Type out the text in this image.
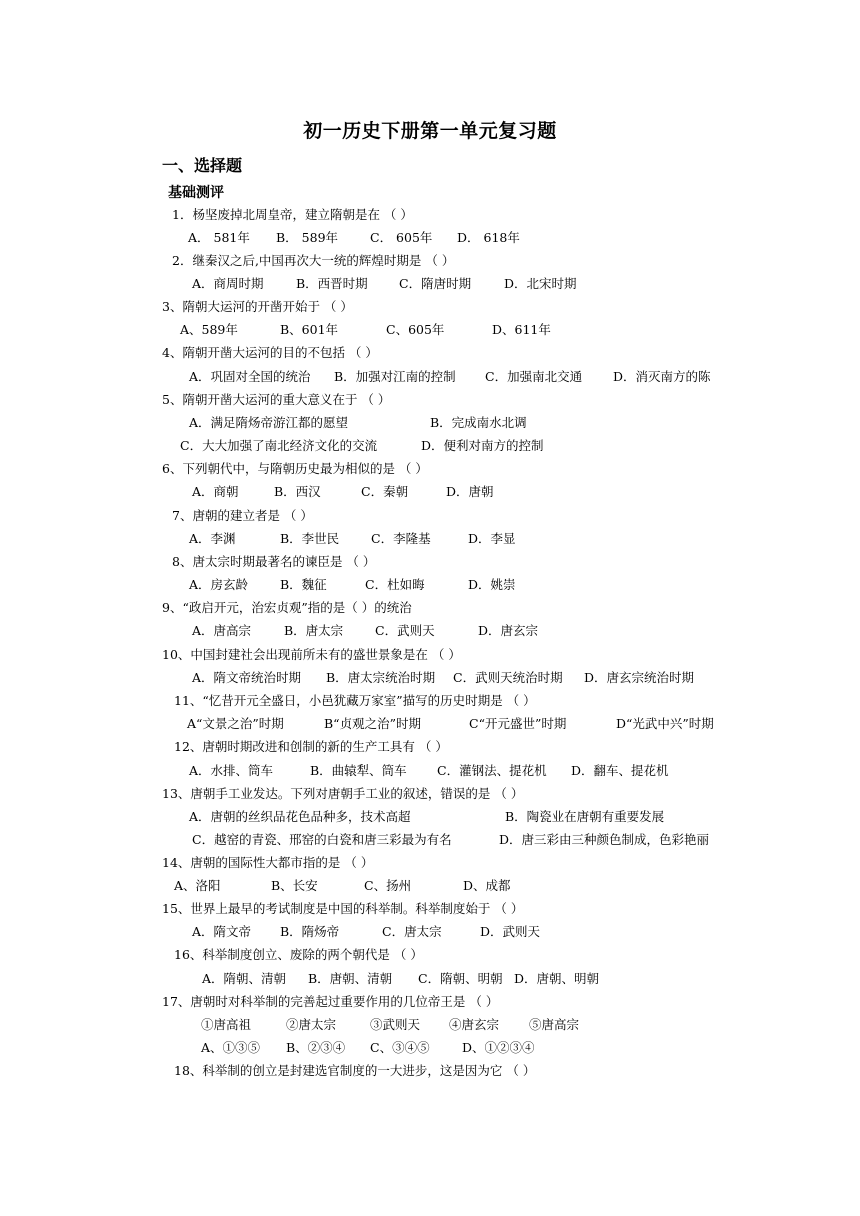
初一历史下册第一单元复习题
一、选择题
基础测评
1．杨坚废掉北周皇帝，建立隋朝是在 （ ）
A． 581年 B． 589年	C． 605年 D． 618年
2．继秦汉之后,中国再次大一统的辉煌时期是 （ ）
A．商周时期	B．西晋时期	C．隋唐时期	D．北宋时期
3、隋朝大运河的开凿开始于 （ ）
A、589年	B、601年	C、605年	D、611年
4、隋朝开凿大运河的目的不包括 （ ）
A．巩固对全国的统治 B．加强对江南的控制 C．加强南北交通 D．消灭南方的陈
5、隋朝开凿大运河的重大意义在于 （ ）
A．满足隋炀帝游江都的愿望	B．完成南水北调
C．大大加强了南北经济文化的交流	D．便利对南方的控制
6、下列朝代中，与隋朝历史最为相似的是 （ ）
A．商朝	B．西汉	C．秦朝	D．唐朝
7、唐朝的建立者是 （ ）
A．李渊	B．李世民	C．李隆基	D．李显
8、唐太宗时期最著名的谏臣是 （ ）
A．房玄龄	B．魏征	C．杜如晦	D．姚崇
9、“政启开元，治宏贞观”指的是（ ）的统治
A．唐高宗	B．唐太宗	C．武则天	D．唐玄宗
10、中国封建社会出现前所未有的盛世景象是在 （ ）
A．隋文帝统治时期 B．唐太宗统治时期 C．武则天统治时期 D．唐玄宗统治时期
11、“忆昔开元全盛日，小邑犹藏万家室”描写的历史时期是 （ ）
A“文景之治”时期	B“贞观之治”时期	C“开元盛世”时期	D“光武中兴”时期
12、唐朝时期改进和创制的新的生产工具有 （ ）
A．水排、筒车	B．曲辕犁、筒车 C．灌钢法、提花机 D．翻车、提花机
13、唐朝手工业发达。下列对唐朝手工业的叙述，错误的是 （ ）
A．唐朝的丝织品花色品种多，技术高超	B．陶瓷业在唐朝有重要发展
C．越窑的青瓷、邢窑的白瓷和唐三彩最为有名	D．唐三彩由三种颜色制成，色彩艳丽
14、唐朝的国际性大都市指的是 （ ）
A、洛阳	B、长安	C、扬州	D、成都
15、世界上最早的考试制度是中国的科举制。科举制度始于 （ ）
A．隋文帝 B．隋炀帝	C．唐太宗	D．武则天
16、科举制度创立、废除的两个朝代是 （ ）
A．隋朝、清朝 B．唐朝、清朝 C．隋朝、明朝 D．唐朝、明朝
17、唐朝时对科举制的完善起过重要作用的几位帝王是 （ ）
①唐高祖	②唐太宗	③武则天 ④唐玄宗 ⑤唐高宗
A、①③⑤ B、②③④ C、③④⑤	D、①②③④
18、科举制的创立是封建选官制度的一大进步，这是因为它 （ ）
